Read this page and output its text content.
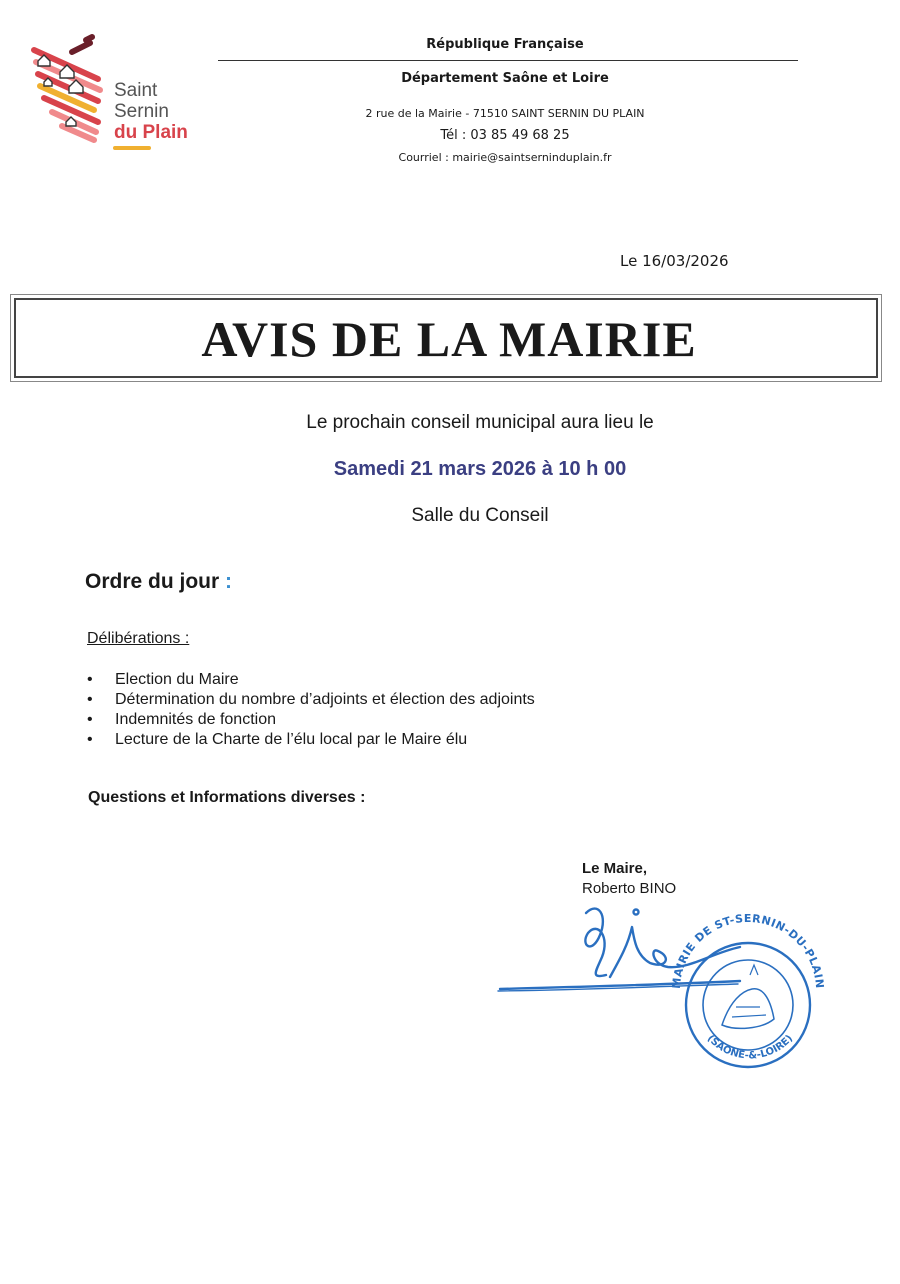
Saint
Sernin
du Plain
République Française
Département Saône et Loire
2 rue de la Mairie - 71510 SAINT SERNIN DU PLAIN
Tél : 03 85 49 68 25
Courriel : mairie@saintserninduplain.fr
Le 16/03/2026
AVIS DE LA MAIRIE
Le prochain conseil municipal aura lieu le
Samedi 21 mars 2026 à 10 h 00
Salle du Conseil
Ordre du jour :
Délibérations :
• Election du Maire
• Détermination du nombre d’adjoints et élection des adjoints
• Indemnités de fonction
• Lecture de la Charte de l’élu local par le Maire élu
Questions et Informations diverses :
Le Maire,
Roberto BINO
MAIRIE DE ST-SERNIN-DU-PLAIN
(SAONE-&-LOIRE)
